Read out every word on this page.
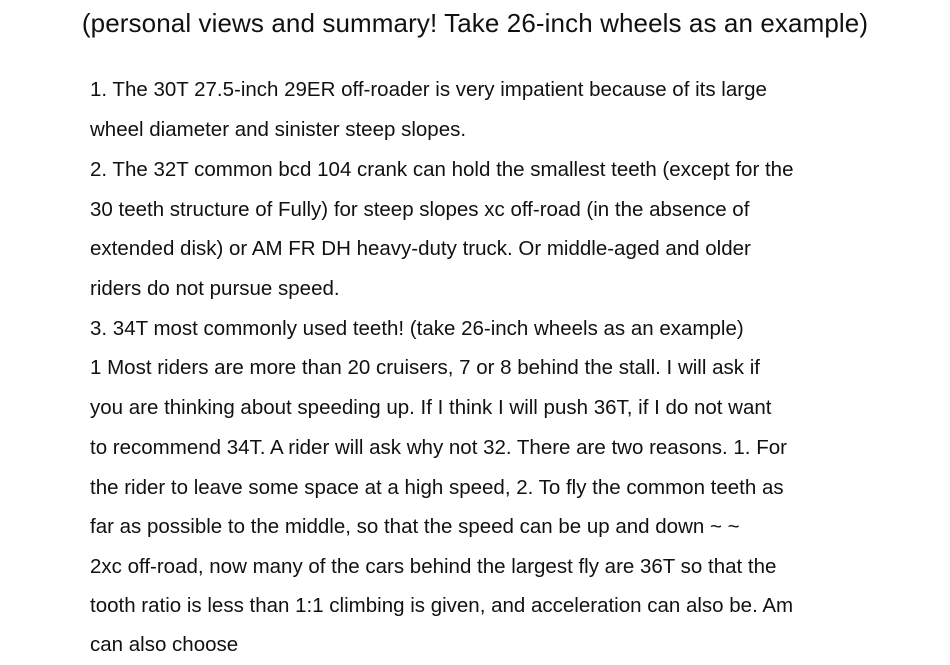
(personal views and summary! Take 26-inch wheels as an example)
1. The 30T 27.5-inch 29ER off-roader is very impatient because of its large
wheel diameter and sinister steep slopes.
2. The 32T common bcd 104 crank can hold the smallest teeth (except for the
30 teeth structure of Fully) for steep slopes xc off-road (in the absence of
extended disk) or AM FR DH heavy-duty truck. Or middle-aged and older
riders do not pursue speed.
3. 34T most commonly used teeth! (take 26-inch wheels as an example)
1 Most riders are more than 20 cruisers, 7 or 8 behind the stall. I will ask if
you are thinking about speeding up. If I think I will push 36T, if I do not want
to recommend 34T. A rider will ask why not 32. There are two reasons. 1. For
the rider to leave some space at a high speed, 2. To fly the common teeth as
far as possible to the middle, so that the speed can be up and down ~ ~
2xc off-road, now many of the cars behind the largest fly are 36T so that the
tooth ratio is less than 1:1 climbing is given, and acceleration can also be. Am
can also choose
